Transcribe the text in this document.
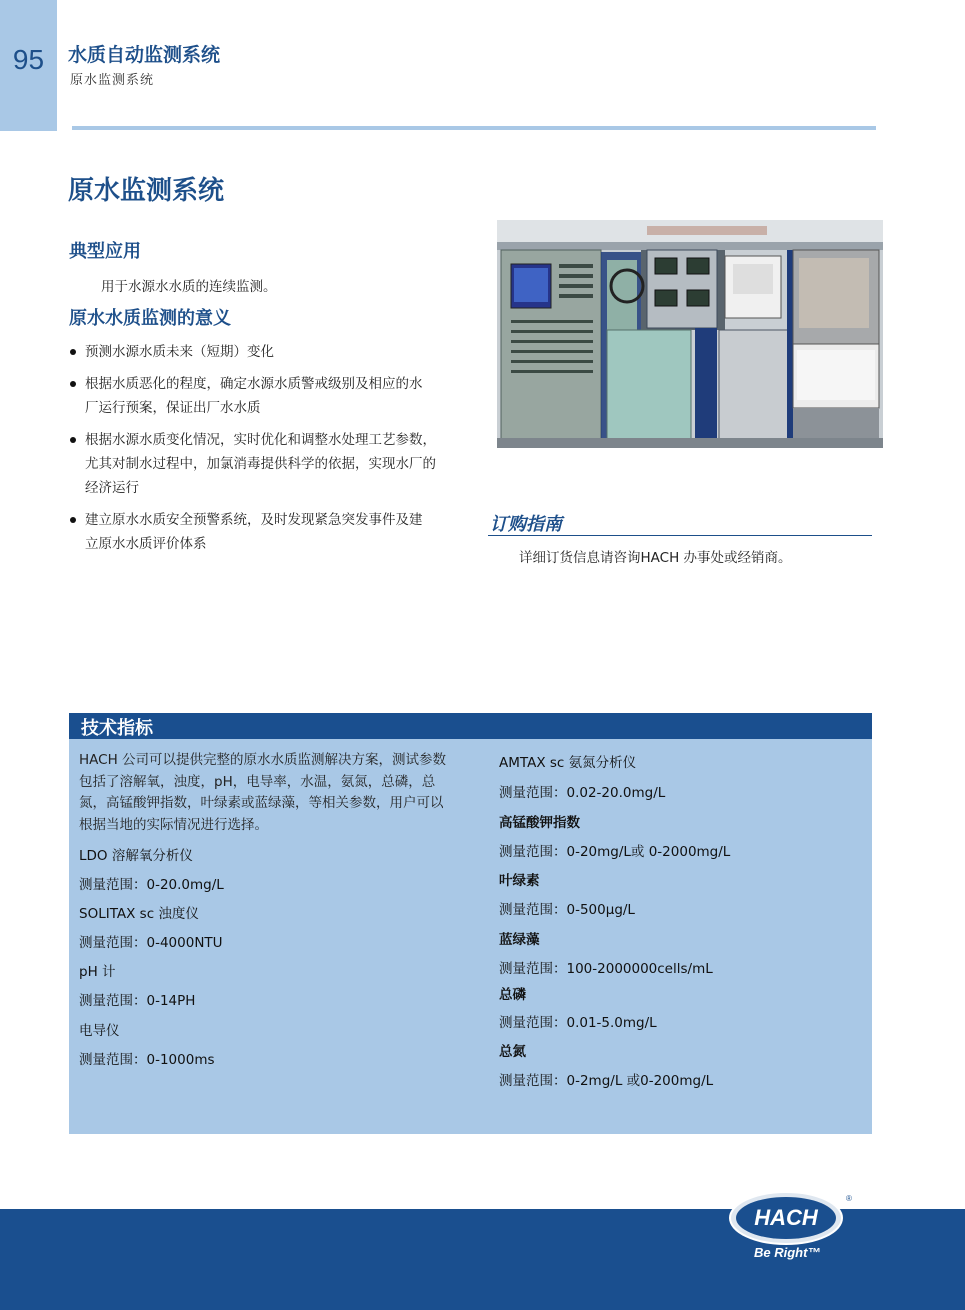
95	水质自动监测系统
原水监测系统
原水监测系统
典型应用
用于水源水水质的连续监测。
原水水质监测的意义
预测水源水质未来（短期）变化
根据水质恶化的程度，确定水源水质警戒级别及相应的水
厂运行预案，保证出厂水水质
根据水源水质变化情况，实时优化和调整水处理工艺参数，
尤其对制水过程中，加氯消毒提供科学的依据，实现水厂的
经济运行
建立原水水质安全预警系统，及时发现紧急突发事件及建
立原水水质评价体系
订购指南
详细订货信息请咨询HACH 办事处或经销商。
技术指标
HACH 公司可以提供完整的原水水质监测解决方案，测试参数包括了溶解氧，浊度，pH，电导率，水温，氨氮，总磷，总氮，高锰酸钾指数，叶绿素或蓝绿藻，等相关参数，用户可以根据当地的实际情况进行选择。
LDO 溶解氧分析仪
测量范围：0-20.0mg/L
SOLITAX sc 浊度仪
测量范围：0-4000NTU
pH 计
测量范围：0-14PH
电导仪
测量范围：0-1000ms
AMTAX sc 氨氮分析仪
测量范围：0.02-20.0mg/L
高锰酸钾指数
测量范围：0-20mg/L或 0-2000mg/L
叶绿素
测量范围：0-500μg/L
蓝绿藻
测量范围：100-2000000cells/mL
总磷
测量范围：0.01-5.0mg/L
总氮
测量范围：0-2mg/L 或0-200mg/L
HACH
®
Be Right™
